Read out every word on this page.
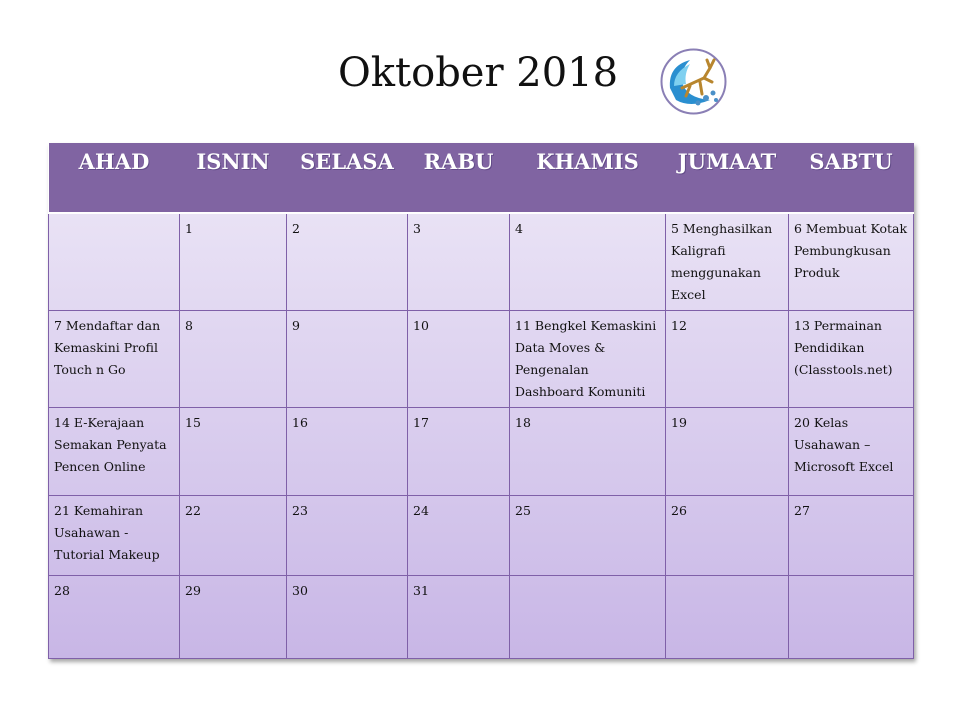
Oktober 2018
AHAD	ISNIN	SELASA	RABU	KHAMIS	JUMAAT	SABTU
	1	2	3	4	5 Menghasilkan Kaligrafi menggunakan Excel	6 Membuat Kotak Pembungkusan Produk
7 Mendaftar dan Kemaskini Profil Touch n Go	8	9	10	11 Bengkel Kemaskini Data Moves & Pengenalan Dashboard Komuniti	12	13 Permainan Pendidikan (Classtools.net)
14 E-Kerajaan Semakan Penyata Pencen Online	15	16	17	18	19	20 Kelas Usahawan – Microsoft Excel
21 Kemahiran Usahawan - Tutorial Makeup	22	23	24	25	26	27
28	29	30	31			
